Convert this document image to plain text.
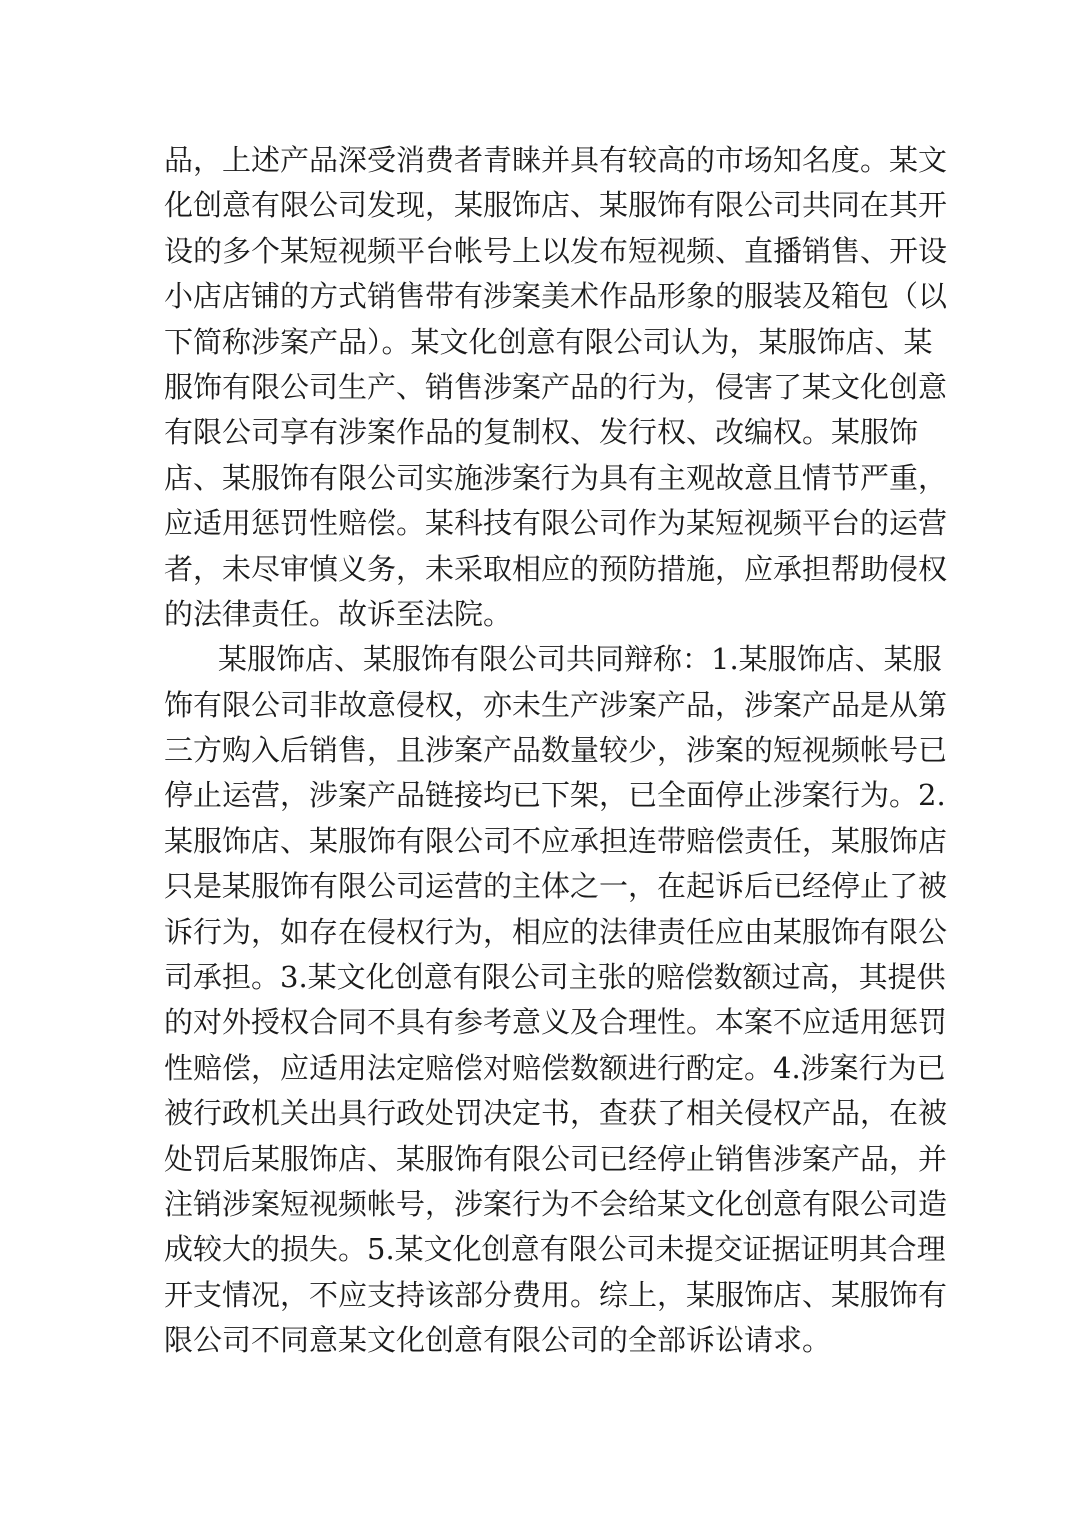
品，上述产品深受消费者青睐并具有较高的市场知名度。某文
化创意有限公司发现，某服饰店、某服饰有限公司共同在其开
设的多个某短视频平台帐号上以发布短视频、直播销售、开设
小店店铺的方式销售带有涉案美术作品形象的服装及箱包（以
下简称涉案产品）。某文化创意有限公司认为，某服饰店、某
服饰有限公司生产、销售涉案产品的行为，侵害了某文化创意
有限公司享有涉案作品的复制权、发行权、改编权。某服饰
店、某服饰有限公司实施涉案行为具有主观故意且情节严重，
应适用惩罚性赔偿。某科技有限公司作为某短视频平台的运营
者，未尽审慎义务，未采取相应的预防措施，应承担帮助侵权
的法律责任。故诉至法院。
某服饰店、某服饰有限公司共同辩称：1.某服饰店、某服
饰有限公司非故意侵权，亦未生产涉案产品，涉案产品是从第
三方购入后销售，且涉案产品数量较少，涉案的短视频帐号已
停止运营，涉案产品链接均已下架，已全面停止涉案行为。2.
某服饰店、某服饰有限公司不应承担连带赔偿责任，某服饰店
只是某服饰有限公司运营的主体之一，在起诉后已经停止了被
诉行为，如存在侵权行为，相应的法律责任应由某服饰有限公
司承担。3.某文化创意有限公司主张的赔偿数额过高，其提供
的对外授权合同不具有参考意义及合理性。本案不应适用惩罚
性赔偿，应适用法定赔偿对赔偿数额进行酌定。4.涉案行为已
被行政机关出具行政处罚决定书，查获了相关侵权产品，在被
处罚后某服饰店、某服饰有限公司已经停止销售涉案产品，并
注销涉案短视频帐号，涉案行为不会给某文化创意有限公司造
成较大的损失。5.某文化创意有限公司未提交证据证明其合理
开支情况，不应支持该部分费用。综上，某服饰店、某服饰有
限公司不同意某文化创意有限公司的全部诉讼请求。
